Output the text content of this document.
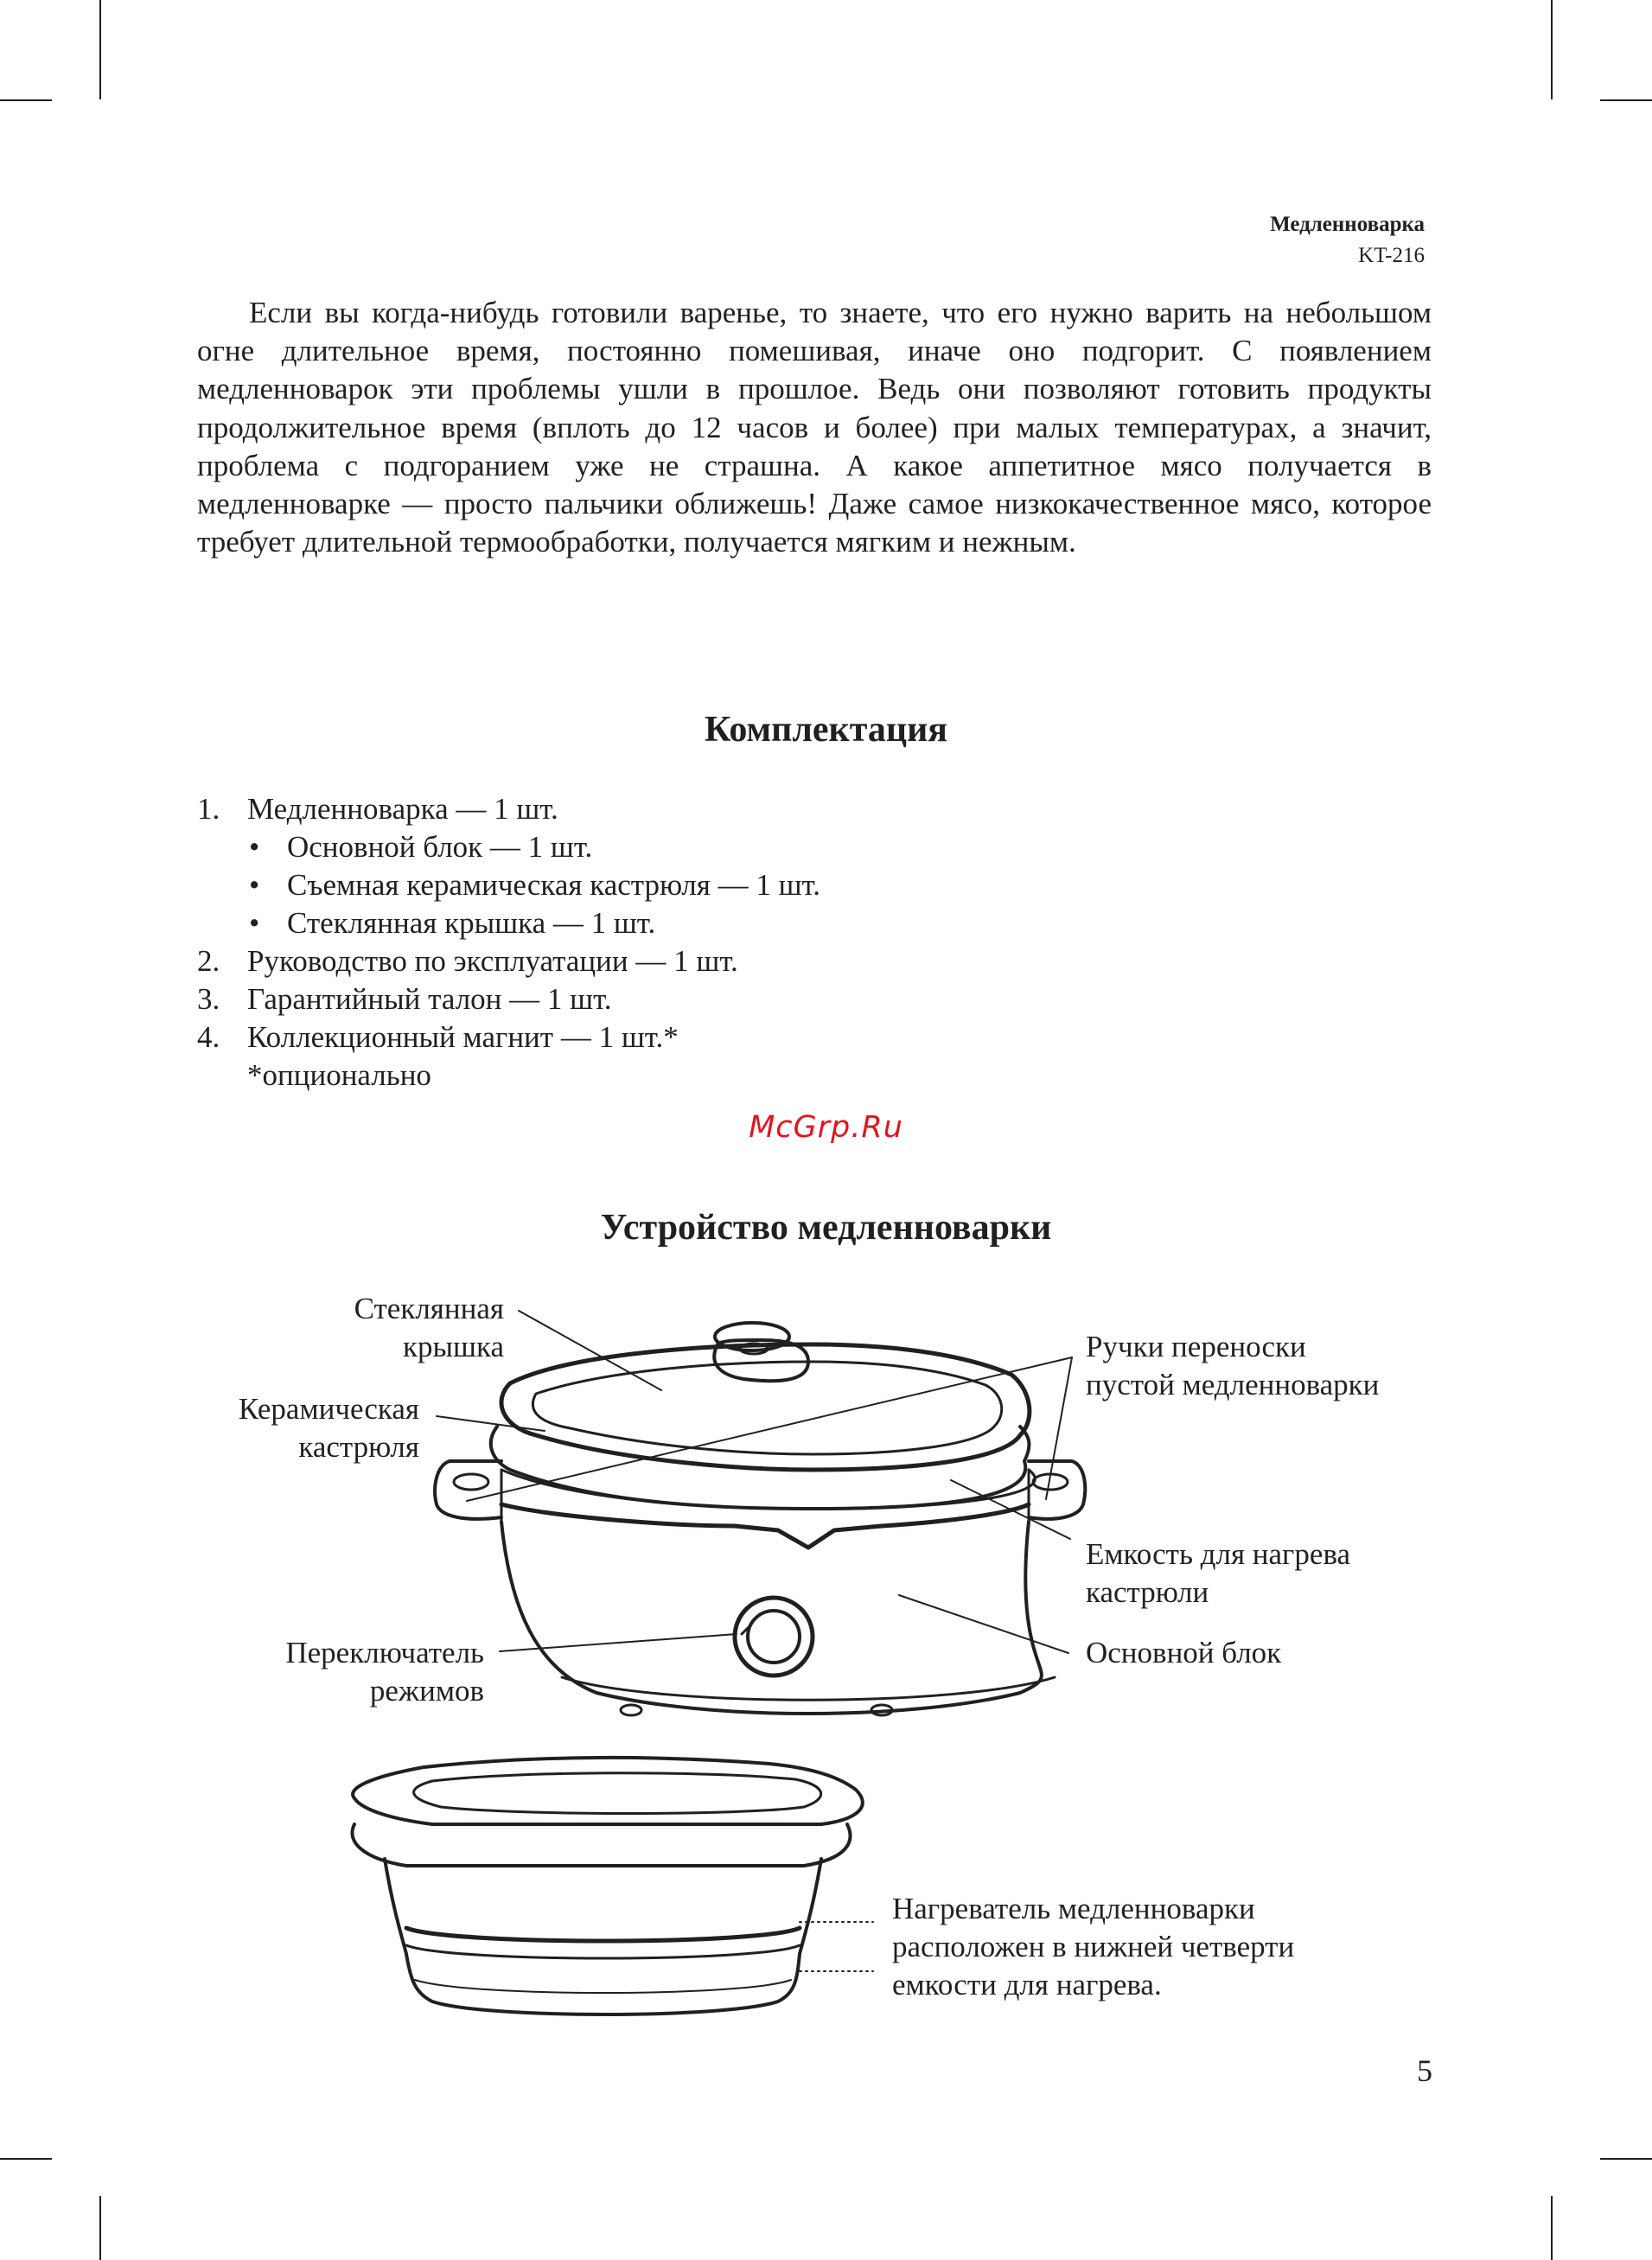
Медленноварка
KT-216

Если вы когда-нибудь готовили варенье, то знаете, что его нужно варить на небольшом огне длительное время, постоянно помешивая, иначе оно подгорит. С появлением медленноварок эти проблемы ушли в прошлое. Ведь они позволяют готовить продукты продолжительное время (вплоть до 12 часов и более) при малых температурах, а значит, проблема с подгоранием уже не страшна. А какое аппетитное мясо получается в медленноварке — просто пальчики оближешь! Даже самое низкокачественное мясо, которое требует длительной термообработки, получается мягким и нежным.

Комплектация
1. Медленноварка — 1 шт.
• Основной блок — 1 шт.
• Съемная керамическая кастрюля — 1 шт.
• Стеклянная крышка — 1 шт.
2. Руководство по эксплуатации — 1 шт.
3. Гарантийный талон — 1 шт.
4. Коллекционный магнит — 1 шт.*
*опционально
McGrp.Ru
Устройство медленноварки
Стеклянная
крышка
Керамическая
кастрюля
Переключатель
режимов
Ручки переноски
пустой медленноварки
Емкость для нагрева
кастрюли
Основной блок
Нагреватель медленноварки
расположен в нижней четверти
емкости для нагрева.
5
